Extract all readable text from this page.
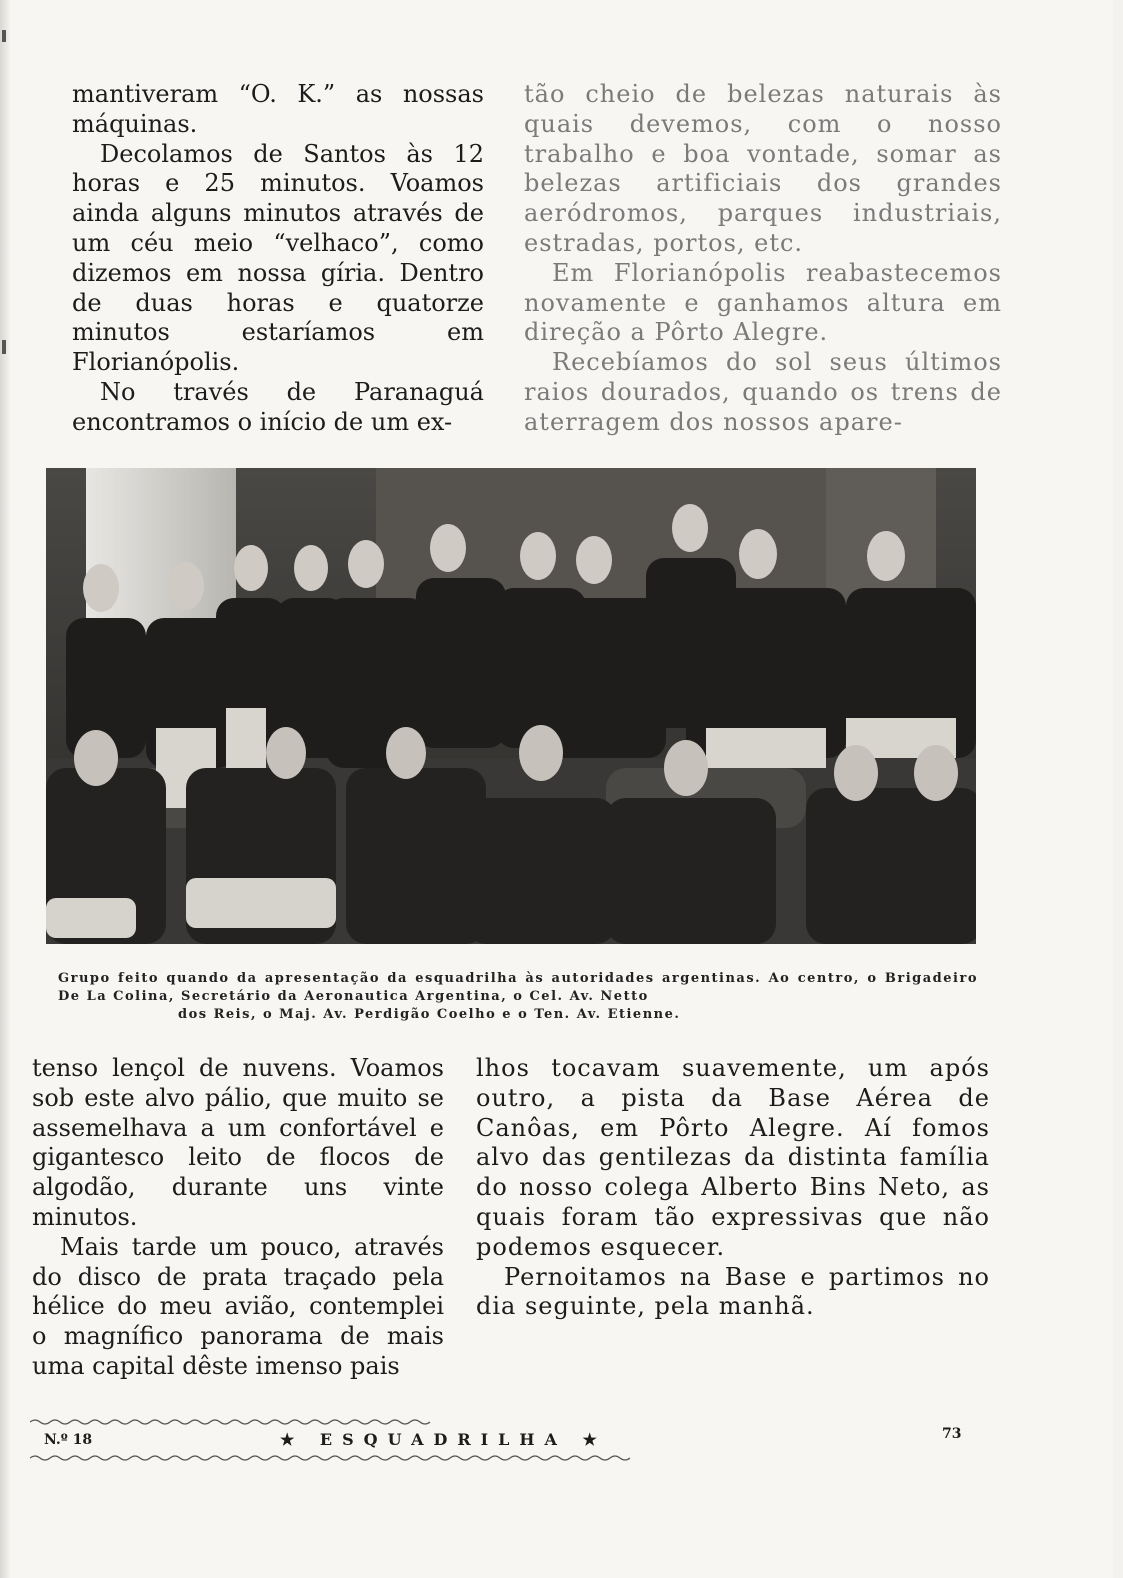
mantiveram “O. K.” as nossas máquinas.

Decolamos de Santos às 12 horas e 25 minutos. Voamos ainda alguns minutos através de um céu meio “velhaco”, como dizemos em nossa gíria. Dentro de duas horas e quatorze minutos estaríamos em Florianópolis.

No través de Paranaguá encontramos o início de um ex-

tão cheio de belezas naturais às quais devemos, com o nosso trabalho e boa vontade, somar as belezas artificiais dos grandes aeródromos, parques industriais, estradas, portos, etc.

Em Florianópolis reabastecemos novamente e ganhamos altura em direção a Pôrto Alegre.

Recebíamos do sol seus últimos raios dourados, quando os trens de aterragem dos nossos apare-

Grupo feito quando da apresentação da esquadrilha às autoridades argentinas. Ao centro, o Brigadeiro De La Colina, Secretário da Aeronautica Argentina, o Cel. Av. Netto
dos Reis, o Maj. Av. Perdigão Coelho e o Ten. Av. Etienne.

tenso lençol de nuvens. Voamos sob este alvo pálio, que muito se assemelhava a um confortável e gigantesco leito de flocos de algodão, durante uns vinte minutos.

Mais tarde um pouco, através do disco de prata traçado pela hélice do meu avião, contemplei o magnífico panorama de mais uma capital dêste imenso pais

lhos tocavam suavemente, um após outro, a pista da Base Aérea de Canôas, em Pôrto Alegre. Aí fomos alvo das gentilezas da distinta família do nosso colega Alberto Bins Neto, as quais foram tão expressivas que não podemos esquecer.

Pernoitamos na Base e partimos no dia seguinte, pela manhã.

N.º 18	★ ESQUADRILHA ★	73
